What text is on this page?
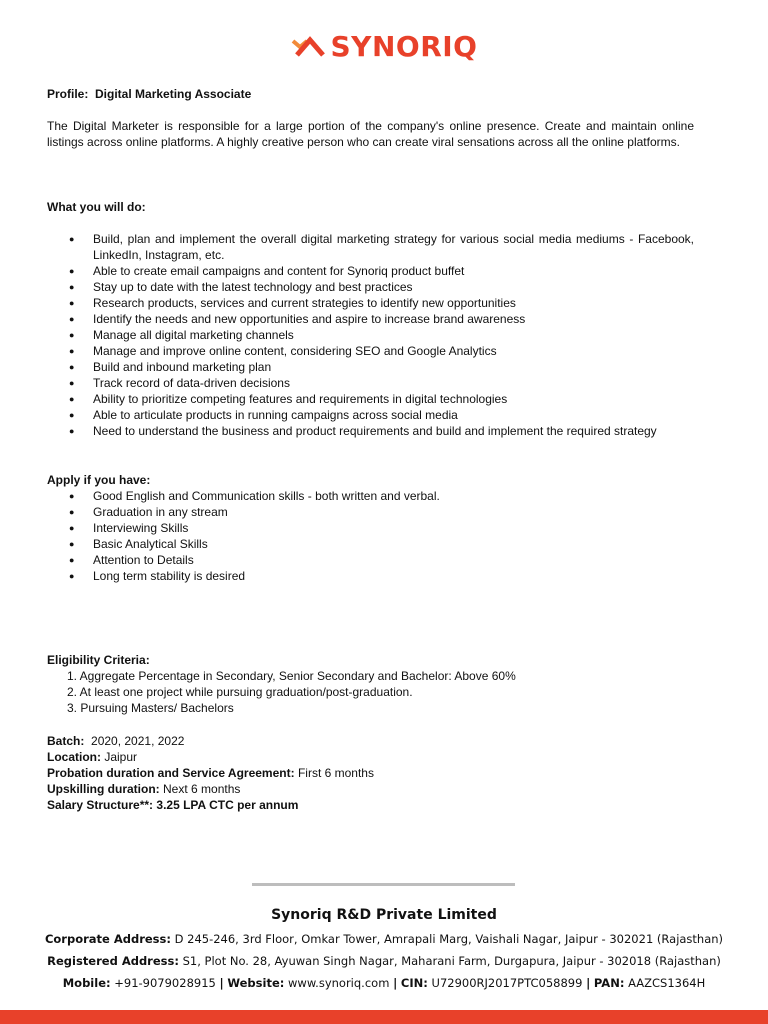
SYNORIQ
Profile: Digital Marketing Associate

The Digital Marketer is responsible for a large portion of the company's online presence. Create and maintain online listings across online platforms. A highly creative person who can create viral sensations across all the online platforms.

What you will do:
● Build, plan and implement the overall digital marketing strategy for various social media mediums - Facebook, LinkedIn, Instagram, etc.
● Able to create email campaigns and content for Synoriq product buffet
● Stay up to date with the latest technology and best practices
● Research products, services and current strategies to identify new opportunities
● Identify the needs and new opportunities and aspire to increase brand awareness
● Manage all digital marketing channels
● Manage and improve online content, considering SEO and Google Analytics
● Build and inbound marketing plan
● Track record of data-driven decisions
● Ability to prioritize competing features and requirements in digital technologies
● Able to articulate products in running campaigns across social media
● Need to understand the business and product requirements and build and implement the required strategy
Apply if you have:
● Good English and Communication skills - both written and verbal.
● Graduation in any stream
● Interviewing Skills
● Basic Analytical Skills
● Attention to Details
● Long term stability is desired
Eligibility Criteria:
1. Aggregate Percentage in Secondary, Senior Secondary and Bachelor: Above 60%
2. At least one project while pursuing graduation/post-graduation.
3. Pursuing Masters/ Bachelors
Batch: 2020, 2021, 2022
Location: Jaipur
Probation duration and Service Agreement: First 6 months
Upskilling duration: Next 6 months
Salary Structure**: 3.25 LPA CTC per annum
Synoriq R&D Private Limited
Corporate Address: D 245-246, 3rd Floor, Omkar Tower, Amrapali Marg, Vaishali Nagar, Jaipur - 302021 (Rajasthan)
Registered Address: S1, Plot No. 28, Ayuwan Singh Nagar, Maharani Farm, Durgapura, Jaipur - 302018 (Rajasthan)
Mobile: +91-9079028915 | Website: www.synoriq.com | CIN: U72900RJ2017PTC058899 | PAN: AAZCS1364H
